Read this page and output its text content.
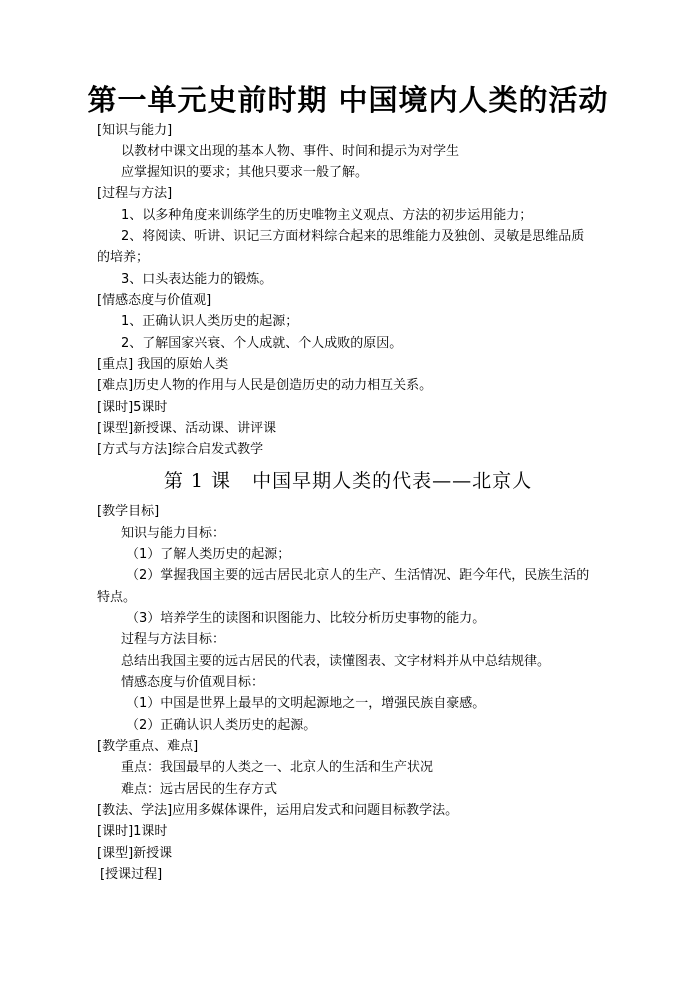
第一单元史前时期 中国境内人类的活动
[知识与能力]
以教材中课文出现的基本人物、事件、时间和提示为对学生
应掌握知识的要求；其他只要求一般了解。
[过程与方法]
1、以多种角度来训练学生的历史唯物主义观点、方法的初步运用能力；
2、将阅读、听讲、识记三方面材料综合起来的思维能力及独创、灵敏是思维品质
的培养；
3、口头表达能力的锻炼。
[情感态度与价值观]
1、正确认识人类历史的起源；
2、了解国家兴衰、个人成就、个人成败的原因。
[重点] 我国的原始人类
[难点]历史人物的作用与人民是创造历史的动力相互关系。
[课时]5课时
[课型]新授课、活动课、讲评课
[方式与方法]综合启发式教学
第 1 课   中国早期人类的代表——北京人
[教学目标]
知识与能力目标：
（1）了解人类历史的起源；
（2）掌握我国主要的远古居民北京人的生产、生活情况、距今年代，民族生活的
特点。
（3）培养学生的读图和识图能力、比较分析历史事物的能力。
过程与方法目标：
总结出我国主要的远古居民的代表，读懂图表、文字材料并从中总结规律。
情感态度与价值观目标：
（1）中国是世界上最早的文明起源地之一，增强民族自豪感。
（2）正确认识人类历史的起源。
[教学重点、难点]
重点：我国最早的人类之一、北京人的生活和生产状况
难点：远古居民的生存方式
[教法、学法]应用多媒体课件，运用启发式和问题目标教学法。
[课时]1课时
[课型]新授课
[授课过程]
